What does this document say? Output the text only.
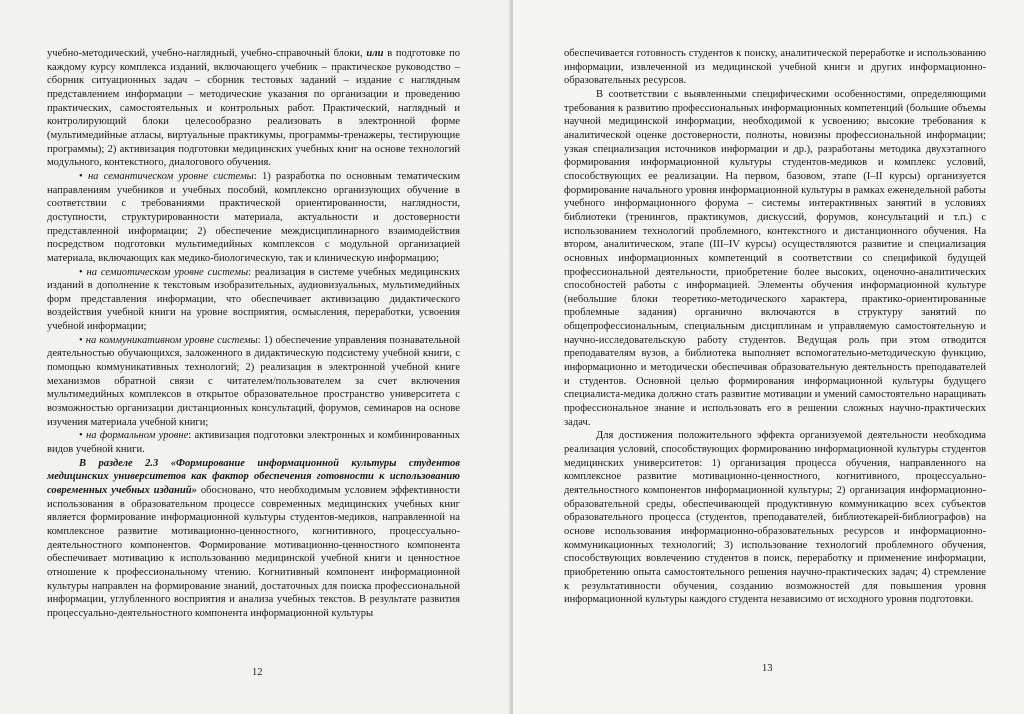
учебно-методический, учебно-наглядный, учебно-справочный блоки, или в подготовке по каждому курсу комплекса изданий, включающего учебник – практическое руководство – сборник ситуационных задач – сборник тестовых заданий – издание с наглядным представлением информации – методические указания по организации и проведению практических, самостоятельных и контрольных работ. Практический, наглядный и контролирующий блоки целесообразно реализовать в электронной форме (мультимедийные атласы, виртуальные практикумы, программы-тренажеры, тестирующие программы); 2) активизация подготовки медицинских учебных книг на основе технологий модульного, контекстного, диалогового обучения.

• на семантическом уровне системы: 1) разработка по основным тематическим направлениям учебников и учебных пособий, комплексно организующих обучение в соответствии с требованиями практической ориентированности, наглядности, доступности, структурированности материала, актуальности и достоверности представленной информации; 2) обеспечение междисциплинарного взаимодействия посредством подготовки мультимедийных комплексов с модульной организацией материала, включающих как медико-биологическую, так и клиническую информацию;

• на семиотическом уровне системы: реализация в системе учебных медицинских изданий в дополнение к текстовым изобразительных, аудиовизуальных, мультимедийных форм представления информации, что обеспечивает активизацию дидактического воздействия учебной книги на уровне восприятия, осмысления, переработки, усвоения учебной информации;

• на коммуникативном уровне системы: 1) обеспечение управления познавательной деятельностью обучающихся, заложенного в дидактическую подсистему учебной книги, с помощью коммуникативных технологий; 2) реализация в электронной учебной книге механизмов обратной связи с читателем/пользователем за счет включения мультимедийных комплексов в открытое образовательное пространство университета с возможностью организации дистанционных консультаций, форумов, семинаров на основе изучения материала учебной книги;

• на формальном уровне: активизация подготовки электронных и комбинированных видов учебной книги.

В разделе 2.3 «Формирование информационной культуры студентов медицинских университетов как фактор обеспечения готовности к использованию современных учебных изданий» обосновано, что необходимым условием эффективности использования в образовательном процессе современных медицинских учебных книг является формирование информационной культуры студентов-медиков, направленной на комплексное развитие мотивационно-ценностного, когнитивного, процессуально-деятельностного компонентов. Формирование мотивационно-ценностного компонента обеспечивает мотивацию к использованию медицинской учебной книги и ценностное отношение к профессиональному чтению. Когнитивный компонент информационной культуры направлен на формирование знаний, достаточных для поиска профессиональной информации, углубленного восприятия и анализа учебных текстов. В результате развития процессуально-деятельностного компонента информационной культуры

12

обеспечивается готовность студентов к поиску, аналитической переработке и использованию информации, извлеченной из медицинской учебной книги и других информационно-образовательных ресурсов.

В соответствии с выявленными специфическими особенностями, определяющими требования к развитию профессиональных информационных компетенций (большие объемы научной медицинской информации, необходимой к усвоению; высокие требования к аналитической оценке достоверности, полноты, новизны профессиональной информации; узкая специализация источников информации и др.), разработаны методика двухэтапного формирования информационной культуры студентов-медиков и комплекс условий, способствующих ее реализации. На первом, базовом, этапе (I–II курсы) организуется формирование начального уровня информационной культуры в рамках еженедельной работы учебного информационного форума – системы интерактивных занятий в условиях библиотеки (тренингов, практикумов, дискуссий, форумов, консультаций и т.п.) с использованием технологий проблемного, контекстного и дистанционного обучения. На втором, аналитическом, этапе (III–IV курсы) осуществляются развитие и специализация основных информационных компетенций в соответствии со спецификой будущей профессиональной деятельности, приобретение более высоких, оценочно-аналитических способностей работы с информацией. Элементы обучения информационной культуре (небольшие блоки теоретико-методического характера, практико-ориентированные проблемные задания) органично включаются в структуру занятий по общепрофессиональным, специальным дисциплинам и управляемую самостоятельную и научно-исследовательскую работу студентов. Ведущая роль при этом отводится преподавателям вузов, а библиотека выполняет вспомогательно-методическую функцию, информационно и методически обеспечивая образовательную деятельность преподавателей и студентов. Основной целью формирования информационной культуры будущего специалиста-медика должно стать развитие мотивации и умений самостоятельно наращивать профессиональное знание и использовать его в решении сложных научно-практических задач.

Для достижения положительного эффекта организуемой деятельности необходима реализация условий, способствующих формированию информационной культуры студентов медицинских университетов: 1) организация процесса обучения, направленного на комплексное развитие мотивационно-ценностного, когнитивного, процессуально-деятельностного компонентов информационной культуры; 2) организация информационно-образовательной среды, обеспечивающей продуктивную коммуникацию всех субъектов образовательного процесса (студентов, преподавателей, библиотекарей-библиографов) на основе использования информационно-образовательных ресурсов и информационно-коммуникационных технологий; 3) использование технологий проблемного обучения, способствующих вовлечению студентов в поиск, переработку и применение информации, приобретению опыта самостоятельного решения научно-практических задач; 4) стремление к результативности обучения, созданию возможностей для повышения уровня информационной культуры каждого студента независимо от исходного уровня подготовки.

13
